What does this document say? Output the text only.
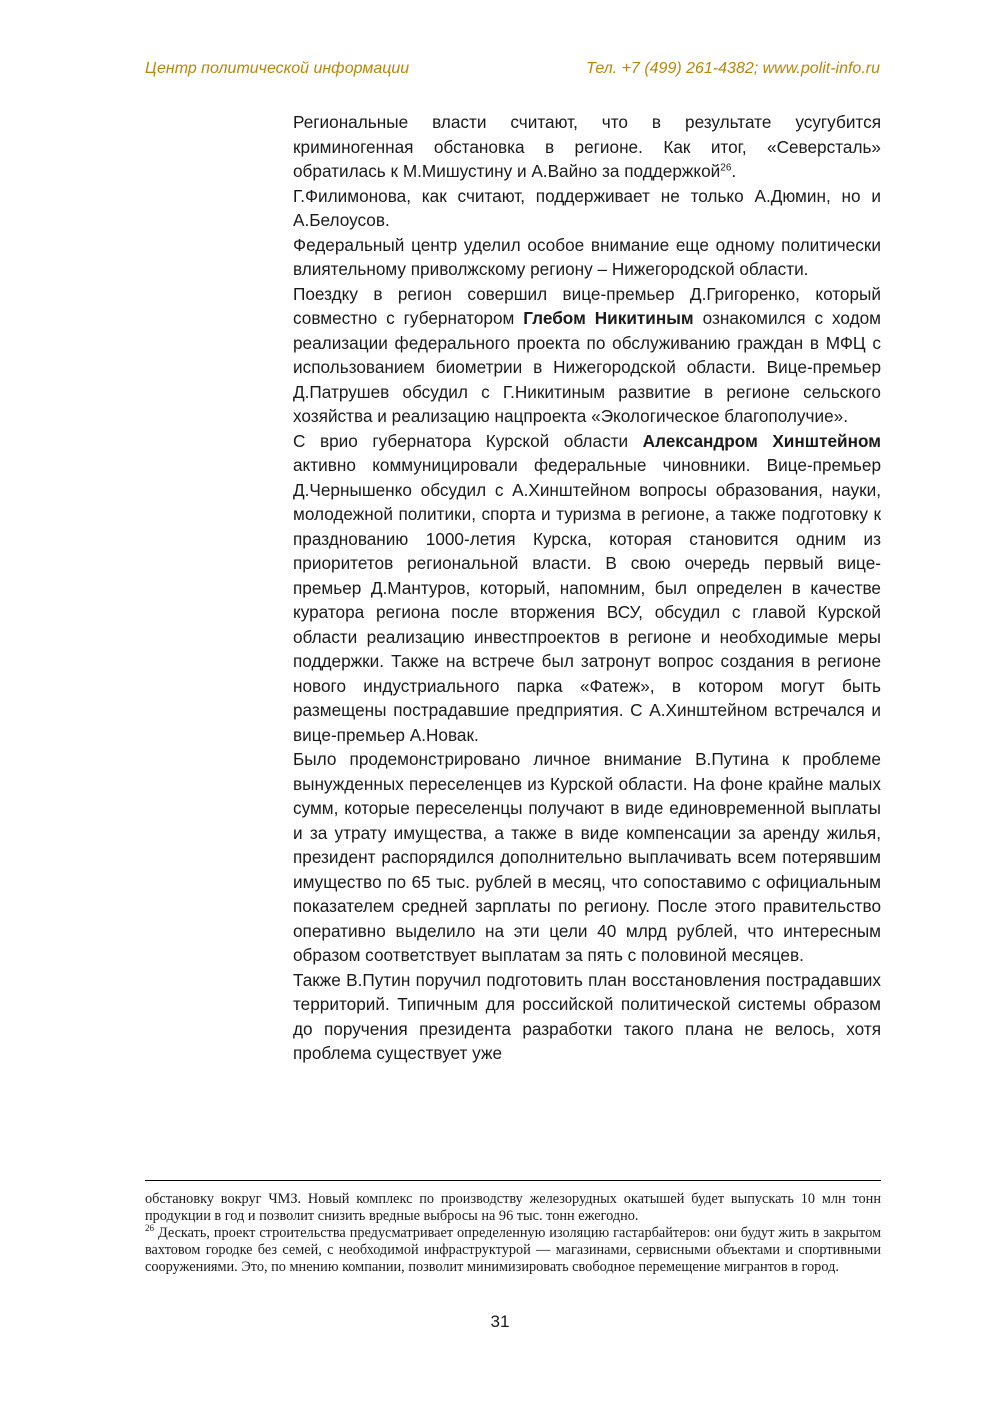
Центр политической информации	Тел. +7 (499) 261-4382; www.polit-info.ru

Региональные власти считают, что в результате усугубится криминогенная обстановка в регионе. Как итог, «Северсталь» обратилась к М.Мишустину и А.Вайно за поддержкой$^{26}$.

Г.Филимонова, как считают, поддерживает не только А.Дюмин, но и А.Белоусов.

Федеральный центр уделил особое внимание еще одному политически влиятельному приволжскому региону – Нижегородской области.

Поездку в регион совершил вице-премьер Д.Григоренко, который совместно с губернатором Глебом Никитиным ознакомился с ходом реализации федерального проекта по обслуживанию граждан в МФЦ с использованием биометрии в Нижегородской области. Вице-премьер Д.Патрушев обсудил с Г.Никитиным развитие в регионе сельского хозяйства и реализацию нацпроекта «Экологическое благополучие».

С врио губернатора Курской области Александром Хинштейном активно коммуницировали федеральные чиновники. Вице-премьер Д.Чернышенко обсудил с А.Хинштейном вопросы образования, науки, молодежной политики, спорта и туризма в регионе, а также подготовку к празднованию 1000-летия Курска, которая становится одним из приоритетов региональной власти. В свою очередь первый вице-премьер Д.Мантуров, который, напомним, был определен в качестве куратора региона после вторжения ВСУ, обсудил с главой Курской области реализацию инвестпроектов в регионе и необходимые меры поддержки. Также на встрече был затронут вопрос создания в регионе нового индустриального парка «Фатеж», в котором могут быть размещены пострадавшие предприятия. С А.Хинштейном встречался и вице-премьер А.Новак.

Было продемонстрировано личное внимание В.Путина к проблеме вынужденных переселенцев из Курской области. На фоне крайне малых сумм, которые переселенцы получают в виде единовременной выплаты и за утрату имущества, а также в виде компенсации за аренду жилья, президент распорядился дополнительно выплачивать всем потерявшим имущество по 65 тыс. рублей в месяц, что сопоставимо с официальным показателем средней зарплаты по региону. После этого правительство оперативно выделило на эти цели 40 млрд рублей, что интересным образом соответствует выплатам за пять с половиной месяцев.

Также В.Путин поручил подготовить план восстановления пострадавших территорий. Типичным для российской политической системы образом до поручения президента разработки такого плана не велось, хотя проблема существует уже

обстановку вокруг ЧМЗ. Новый комплекс по производству железорудных окатышей будет выпускать 10 млн тонн продукции в год и позволит снизить вредные выбросы на 96 тыс. тонн ежегодно.

$^{26}$ Дескать, проект строительства предусматривает определенную изоляцию гастарбайтеров: они будут жить в закрытом вахтовом городке без семей, с необходимой инфраструктурой — магазинами, сервисными объектами и спортивными сооружениями. Это, по мнению компании, позволит минимизировать свободное перемещение мигрантов в город.

31
